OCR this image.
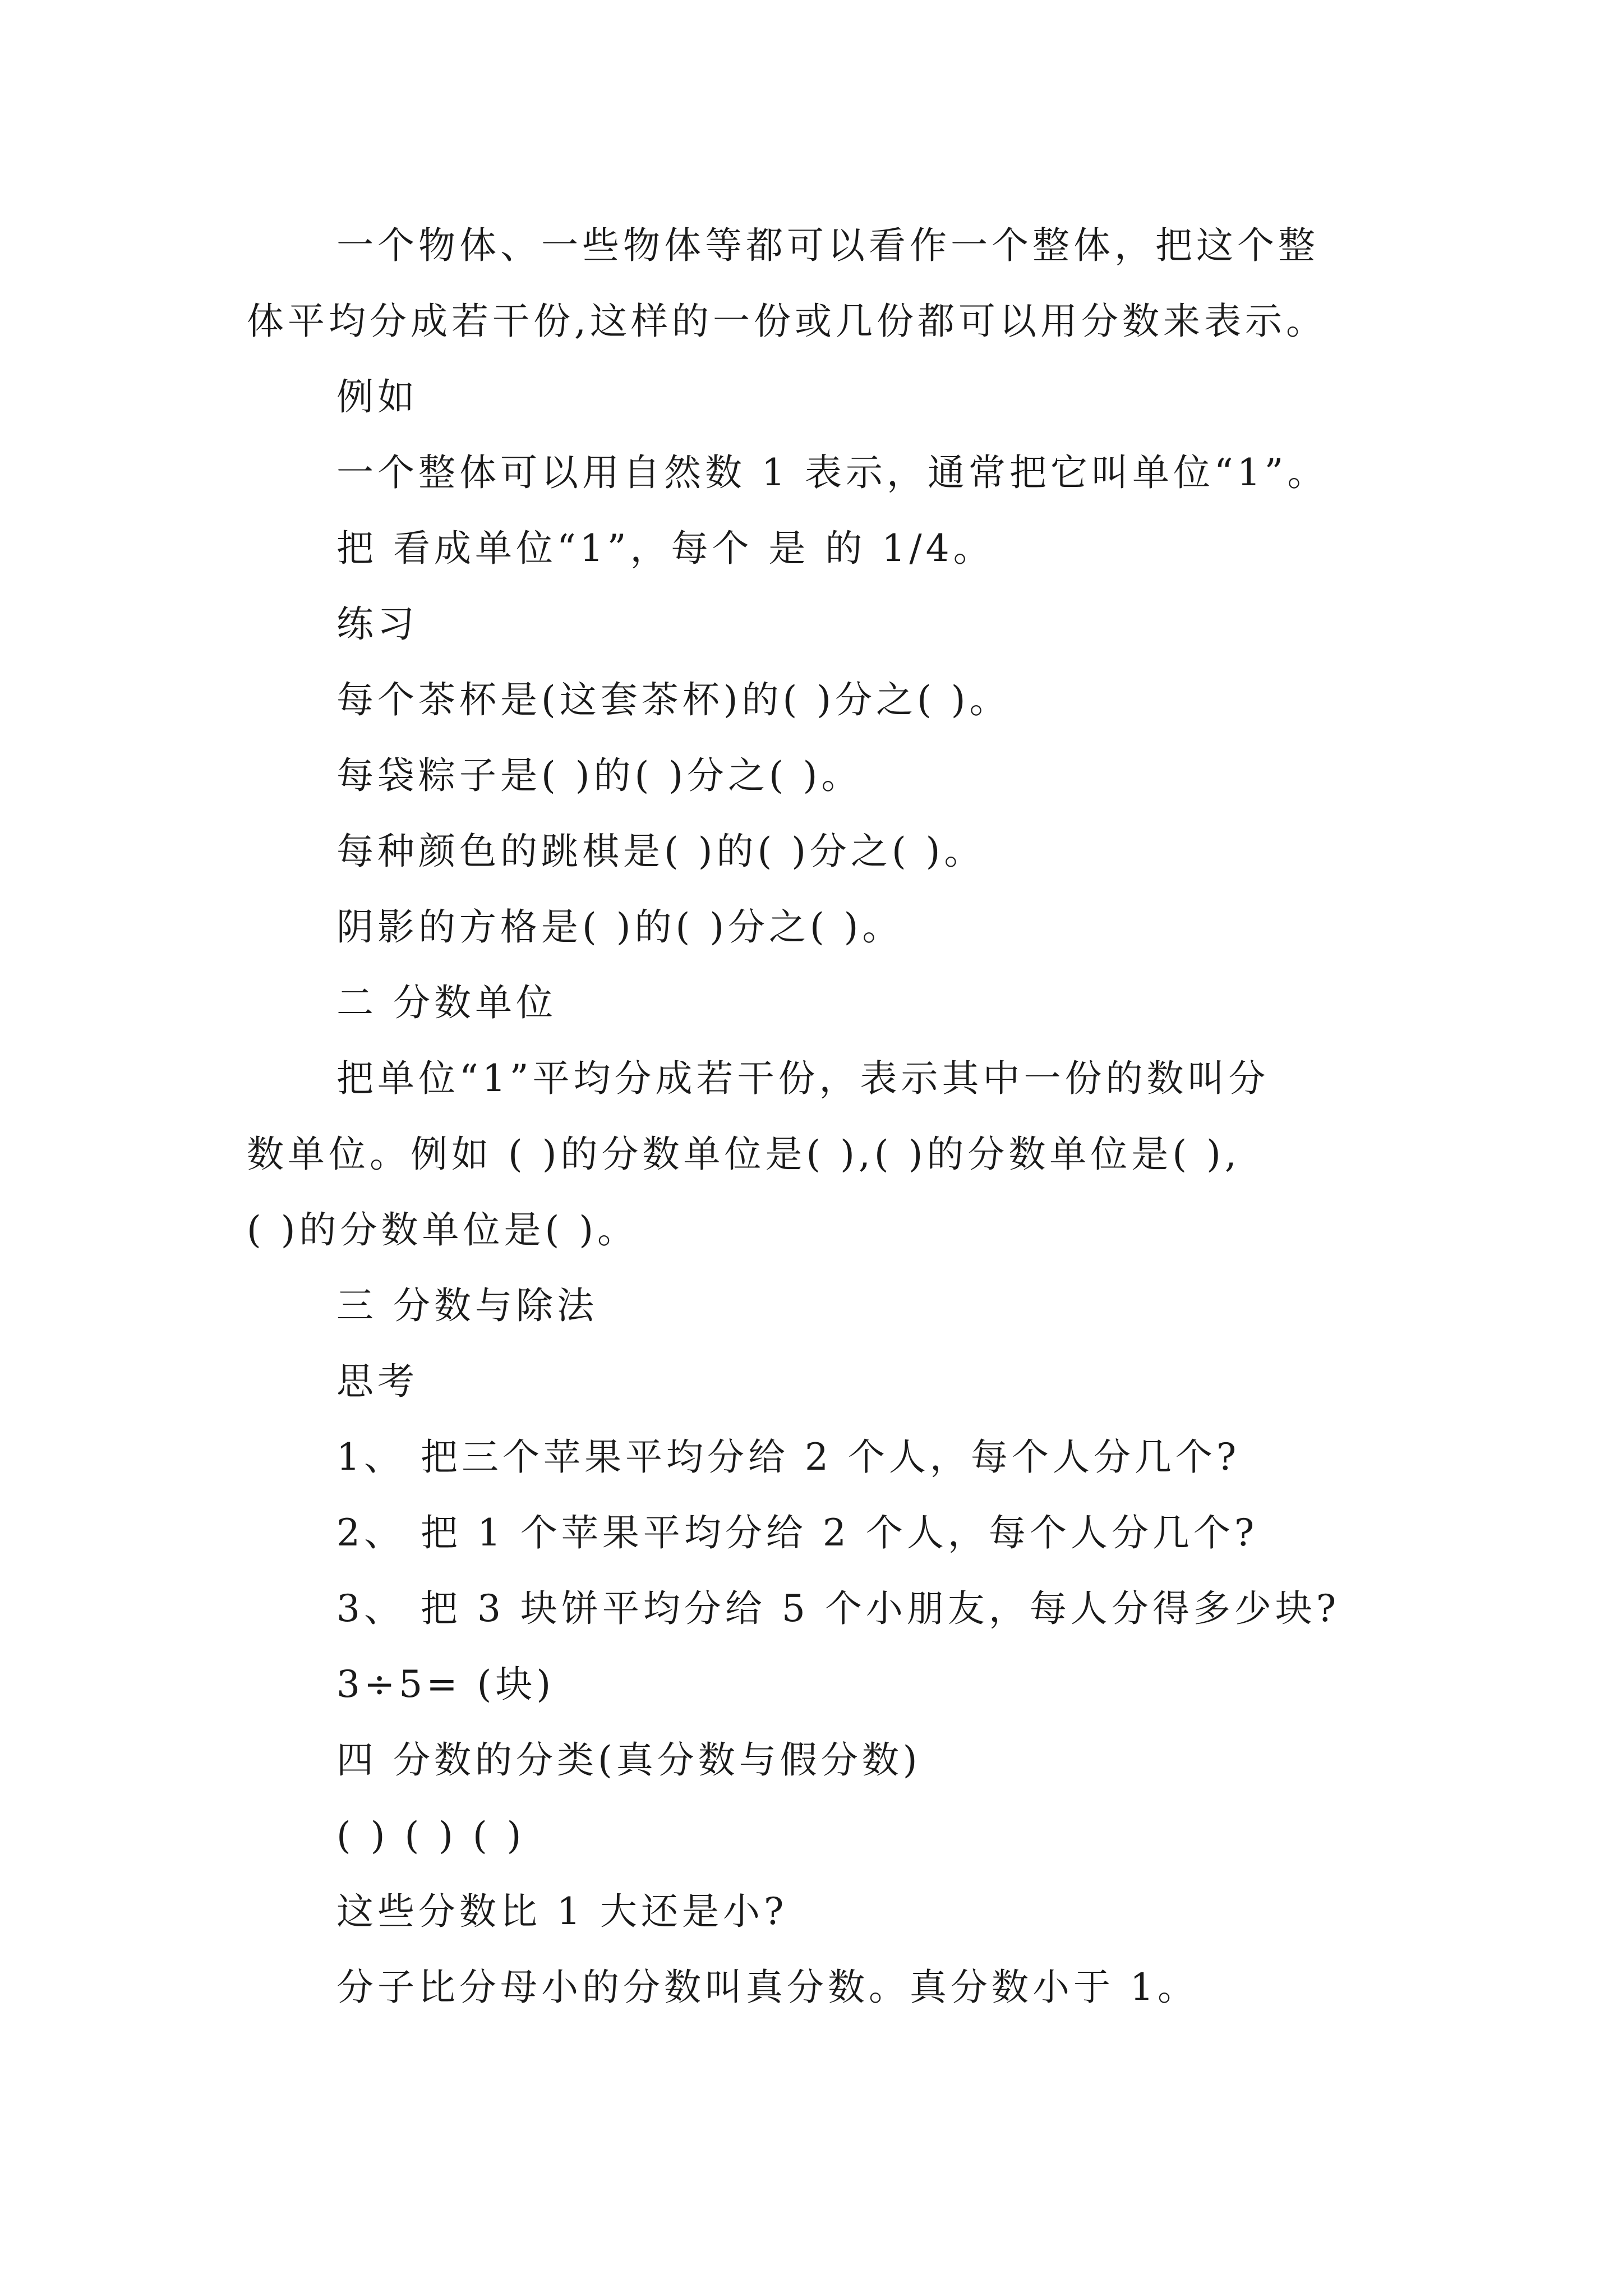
一个物体、一些物体等都可以看作一个整体，把这个整
体平均分成若干份,这样的一份或几份都可以用分数来表示。
例如
一个整体可以用自然数 1 表示，通常把它叫单位“1”。
把 看成单位“1”，每个 是 的 1/4。
练习
每个茶杯是(这套茶杯)的( )分之( )。
每袋粽子是( )的( )分之( )。
每种颜色的跳棋是( )的( )分之( )。
阴影的方格是( )的( )分之( )。
二 分数单位
把单位“1”平均分成若干份，表示其中一份的数叫分
数单位。例如 ( )的分数单位是( ),( )的分数单位是( ),
( )的分数单位是( )。
三 分数与除法
思考
1、 把三个苹果平均分给 2 个人，每个人分几个?
2、 把 1 个苹果平均分给 2 个人，每个人分几个?
3、 把 3 块饼平均分给 5 个小朋友，每人分得多少块?
3÷5= (块)
四 分数的分类(真分数与假分数)
( ) ( ) ( )
这些分数比 1 大还是小?
分子比分母小的分数叫真分数。真分数小于 1。
